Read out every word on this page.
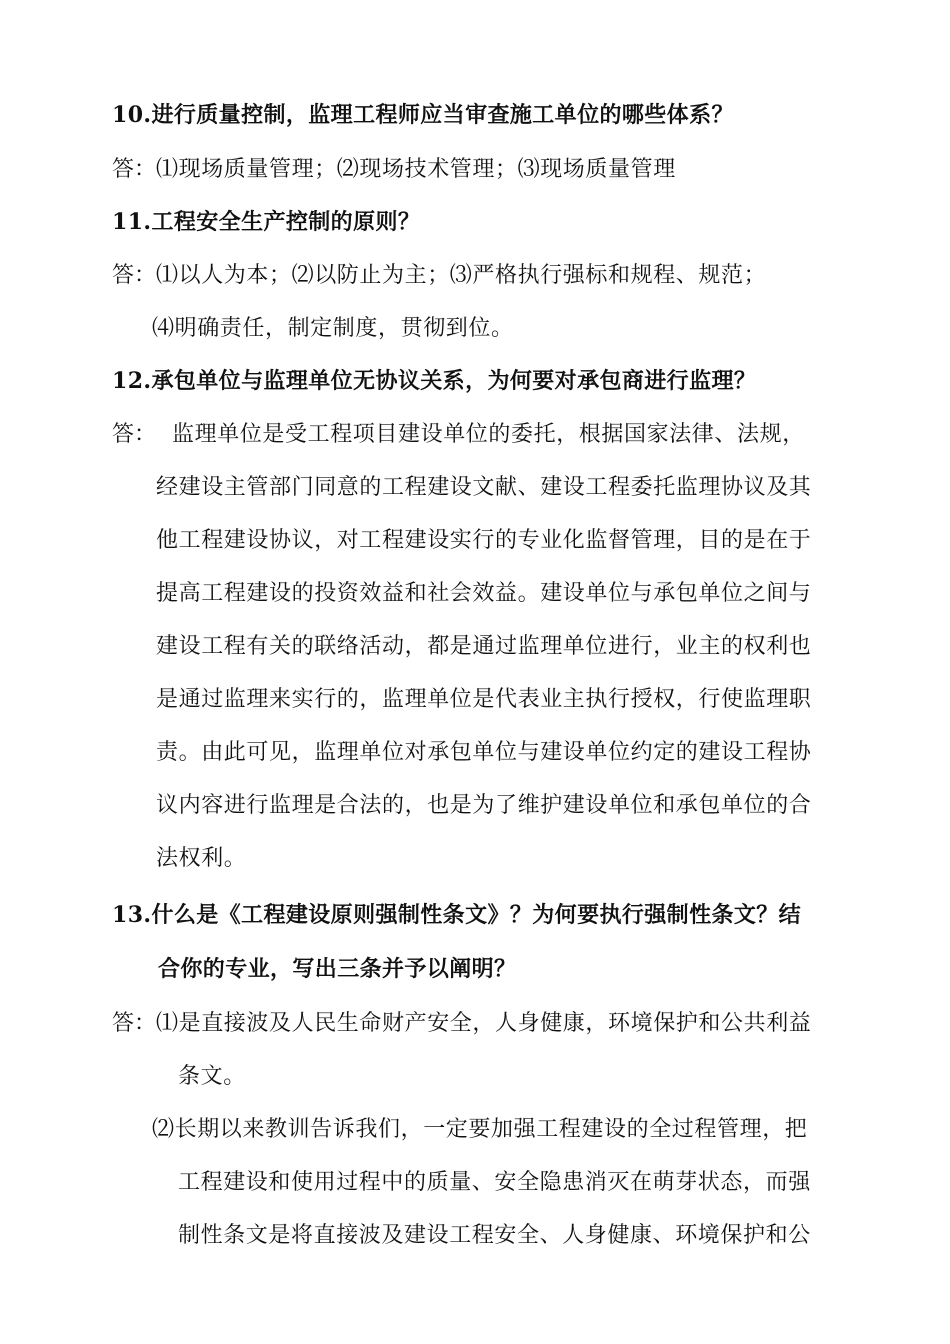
10.进行质量控制，监理工程师应当审查施工单位的哪些体系？
答： ⑴现场质量管理；⑵现场技术管理；⑶现场质量管理
11.工程安全生产控制的原则？
答： ⑴以人为本；⑵以防止为主；⑶严格执行强标和规程、规范；
⑷明确责任，制定制度，贯彻到位。
12.承包单位与监理单位无协议关系，为何要对承包商进行监理？
答： 监理单位是受工程项目建设单位的委托，根据国家法律、法规，
经建设主管部门同意的工程建设文献、建设工程委托监理协议及其
他工程建设协议，对工程建设实行的专业化监督管理，目的是在于
提高工程建设的投资效益和社会效益。建设单位与承包单位之间与
建设工程有关的联络活动，都是通过监理单位进行，业主的权利也
是通过监理来实行的，监理单位是代表业主执行授权，行使监理职
责。由此可见，监理单位对承包单位与建设单位约定的建设工程协
议内容进行监理是合法的，也是为了维护建设单位和承包单位的合
法权利。
13.什么是《工程建设原则强制性条文》？为何要执行强制性条文？结
合你的专业，写出三条并予以阐明？
答： ⑴是直接波及人民生命财产安全，人身健康，环境保护和公共利益
条文。
⑵长期以来教训告诉我们，一定要加强工程建设的全过程管理，把
工程建设和使用过程中的质量、安全隐患消灭在萌芽状态，而强
制性条文是将直接波及建设工程安全、人身健康、环境保护和公
